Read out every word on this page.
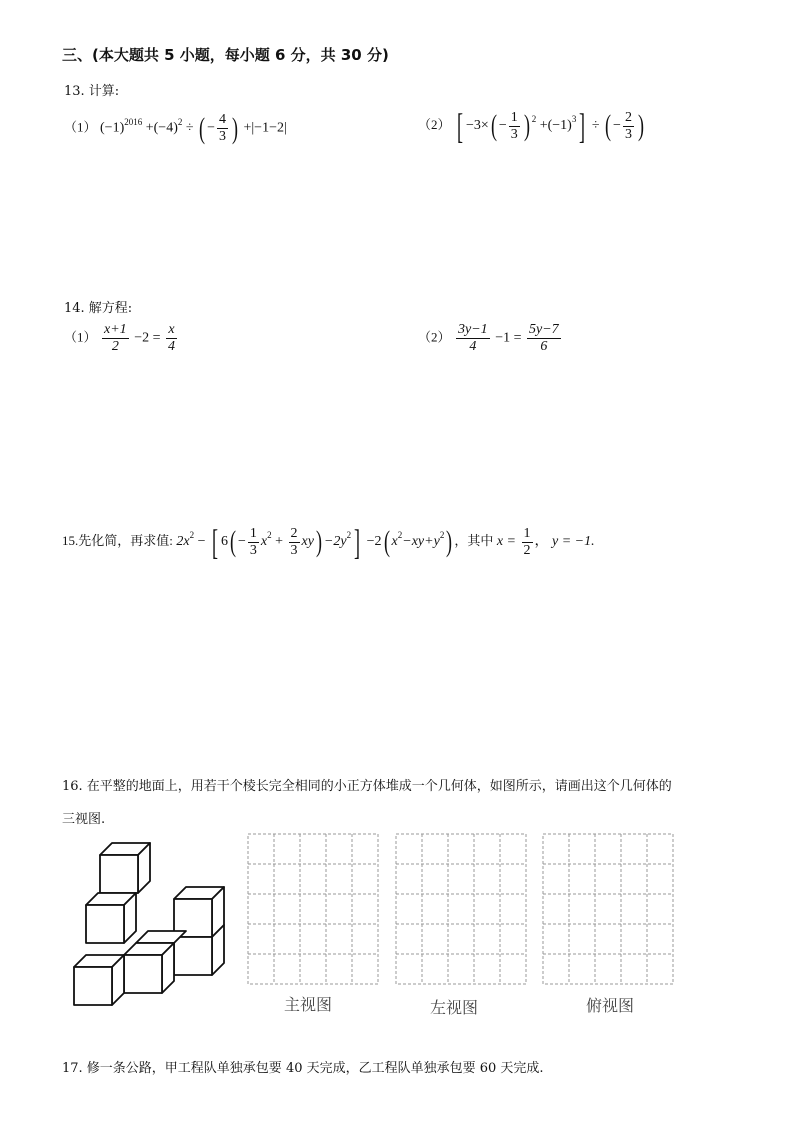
三、(本大题共 5 小题，每小题 6 分，共 30 分)
13. 计算:
（1） $(-1)^{2016} +(-4)^2$ ÷ ( − $\frac{4}{3}$ ) +|−1−2|	（2） [ $-3\times( - \frac{1}{3}$ ) $^2 +(-1)^3$] ÷ ( − $\frac{2}{3}$ )
14. 解方程:
$(1) \frac{x+1}{2} -2 = \frac{x}{4}$	$(2) \frac{3y-1}{4} -1 = \frac{5y-7}{6}$
15.先化简，再求值: $2x^2$ − [ $6( - \frac{1}{3} x^2 + \frac{2}{3} xy) -2y^2] -2$( $x^2-xy+y^2$) ，其中 $x = \frac{1}{2}$ ， y = −1.
16. 在平整的地面上，用若干个棱长完全相同的小正方体堆成一个几何体，如图所示，请画出这个几何体的
三视图.
主视图	左视图	俯视图
17. 修一条公路，甲工程队单独承包要 40 天完成，乙工程队单独承包要 60 天完成.
